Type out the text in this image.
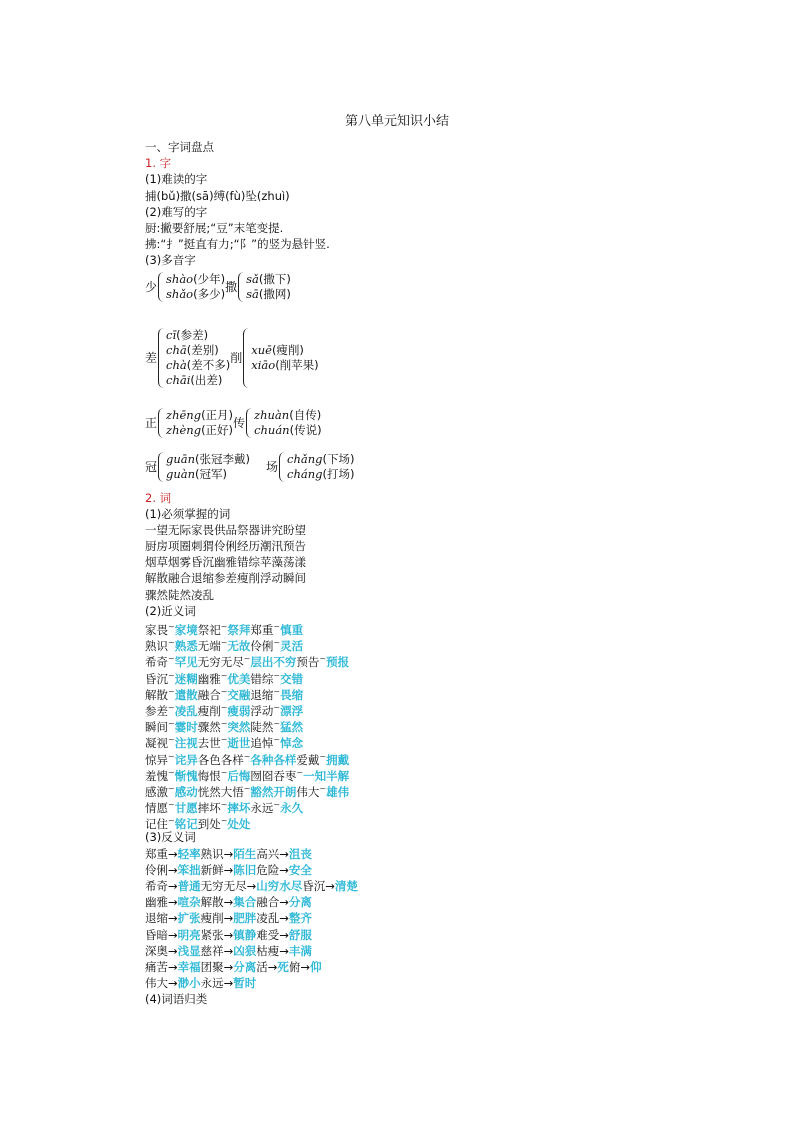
第八单元知识小结
一、字词盘点
1. 字
(1)难读的字
捕(bǔ)撒(sā)缚(fù)坠(zhuì)
(2)难写的字
厨:撇要舒展;“豆”末笔变提.
拂:“扌”挺直有力;“阝”的竖为悬针竖.
(3)多音字
少
shào(少年)
shǎo(多少) 撒
sǎ(撒下)
sā(撒网)
差
cī(参差)
chā(差别)
chà(差不多)
chāi(出差)
削
xuē(瘦削)
xiāo(削苹果)
正
zhēng(正月)
zhèng(正好) 传
zhuàn(自传)
chuán(传说)
冠
guān(张冠李戴)
guàn(冠军)	场
chǎng(下场)
cháng(打场)
2. 词
(1)必须掌握的词
一望无际家畏供品祭器讲究盼望
厨房项圈刺猬伶俐经历潮汛预告
烟草烟雾昏沉幽雅错综苹藻荡漾
解散融合退缩参差瘦削浮动瞬间
骤然陡然凌乱
(2)近义词
家畏~家境祭祀~祭拜郑重~慎重
熟识~熟悉无端~无故伶俐~灵活
希奇~罕见无穷无尽~层出不穷预告~预报
昏沉~迷糊幽雅~优美错综~交错
解散~遣散融合~交融退缩~畏缩
参差~凌乱瘦削~瘦弱浮动~漂浮
瞬间~霎时骤然~突然陡然~猛然
凝视~注视去世~逝世追悼~悼念
惊异~诧异各色各样~各种各样爱戴~拥戴
羞愧~惭愧悔恨~后悔囫囵吞枣~一知半解
感激~感动恍然大悟~豁然开朗伟大~雄伟
情愿~甘愿摔坏~摔坏永远~永久
记住~铭记到处~处处
(3)反义词
郑重→轻率熟识→陌生高兴→沮丧
伶俐→笨拙新鲜→陈旧危险→安全
希奇→普通无穷无尽→山穷水尽昏沉→清楚
幽雅→喧杂解散→集合融合→分离
退缩→扩张瘦削→肥胖凌乱→整齐
昏暗→明亮紧张→镇静难受→舒服
深奥→浅显慈祥→凶狠枯瘦→丰满
痛苦→幸福团聚→分离活→死俯→仰
伟大→渺小永远→暂时
(4)词语归类
